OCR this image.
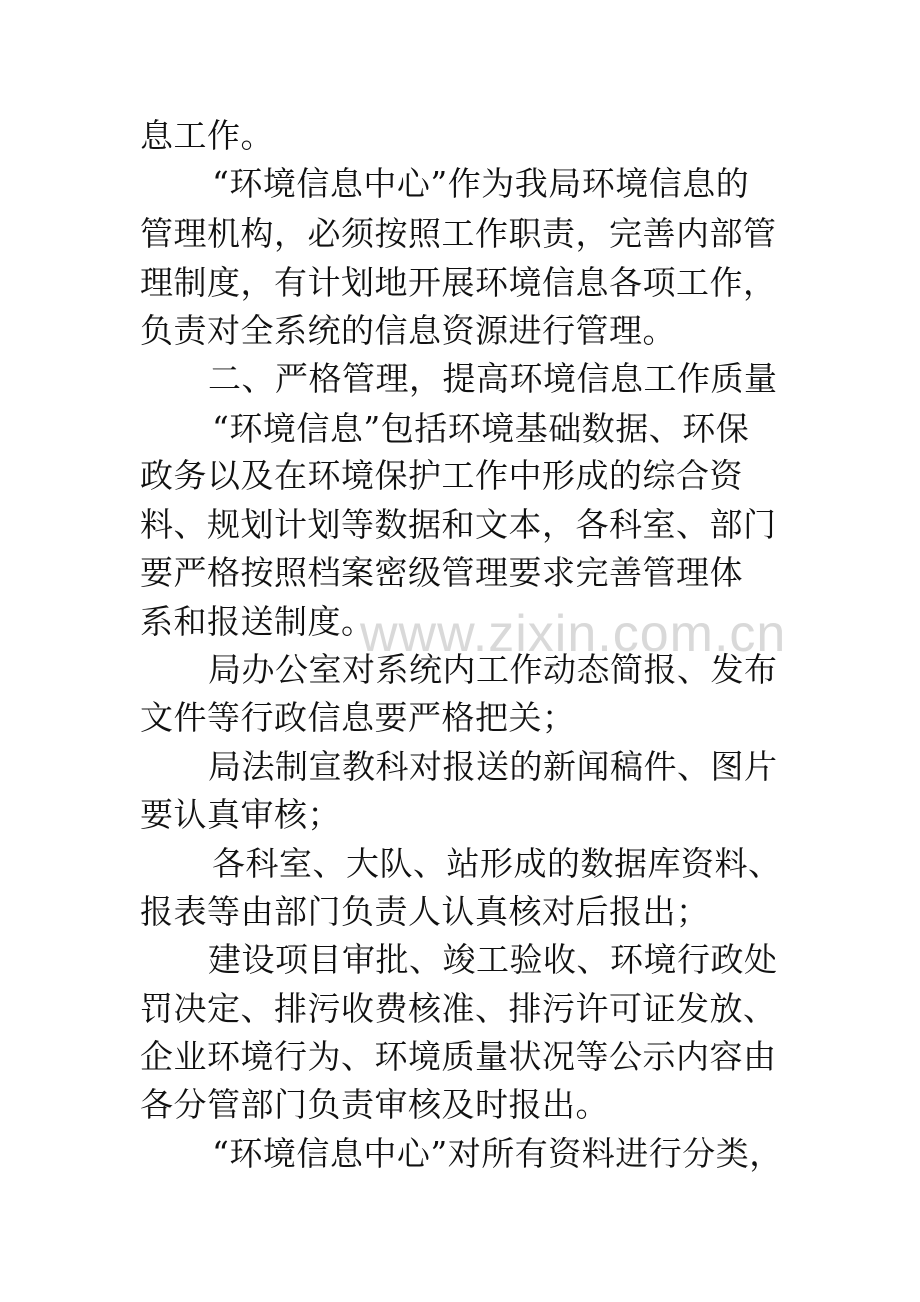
息工作。
“环境信息中心”作为我局环境信息的
管理机构，必须按照工作职责，完善内部管
理制度，有计划地开展环境信息各项工作，
负责对全系统的信息资源进行管理。
二、严格管理，提高环境信息工作质量
“环境信息”包括环境基础数据、环保
政务以及在环境保护工作中形成的综合资
料、规划计划等数据和文本，各科室、部门
要严格按照档案密级管理要求完善管理体
系和报送制度。
局办公室对系统内工作动态简报、发布
文件等行政信息要严格把关；
局法制宣教科对报送的新闻稿件、图片
要认真审核；
各科室、大队、站形成的数据库资料、
报表等由部门负责人认真核对后报出；
建设项目审批、竣工验收、环境行政处
罚决定、排污收费核准、排污许可证发放、
企业环境行为、环境质量状况等公示内容由
各分管部门负责审核及时报出。
“环境信息中心”对所有资料进行分类，
www.zixin.com.cn
